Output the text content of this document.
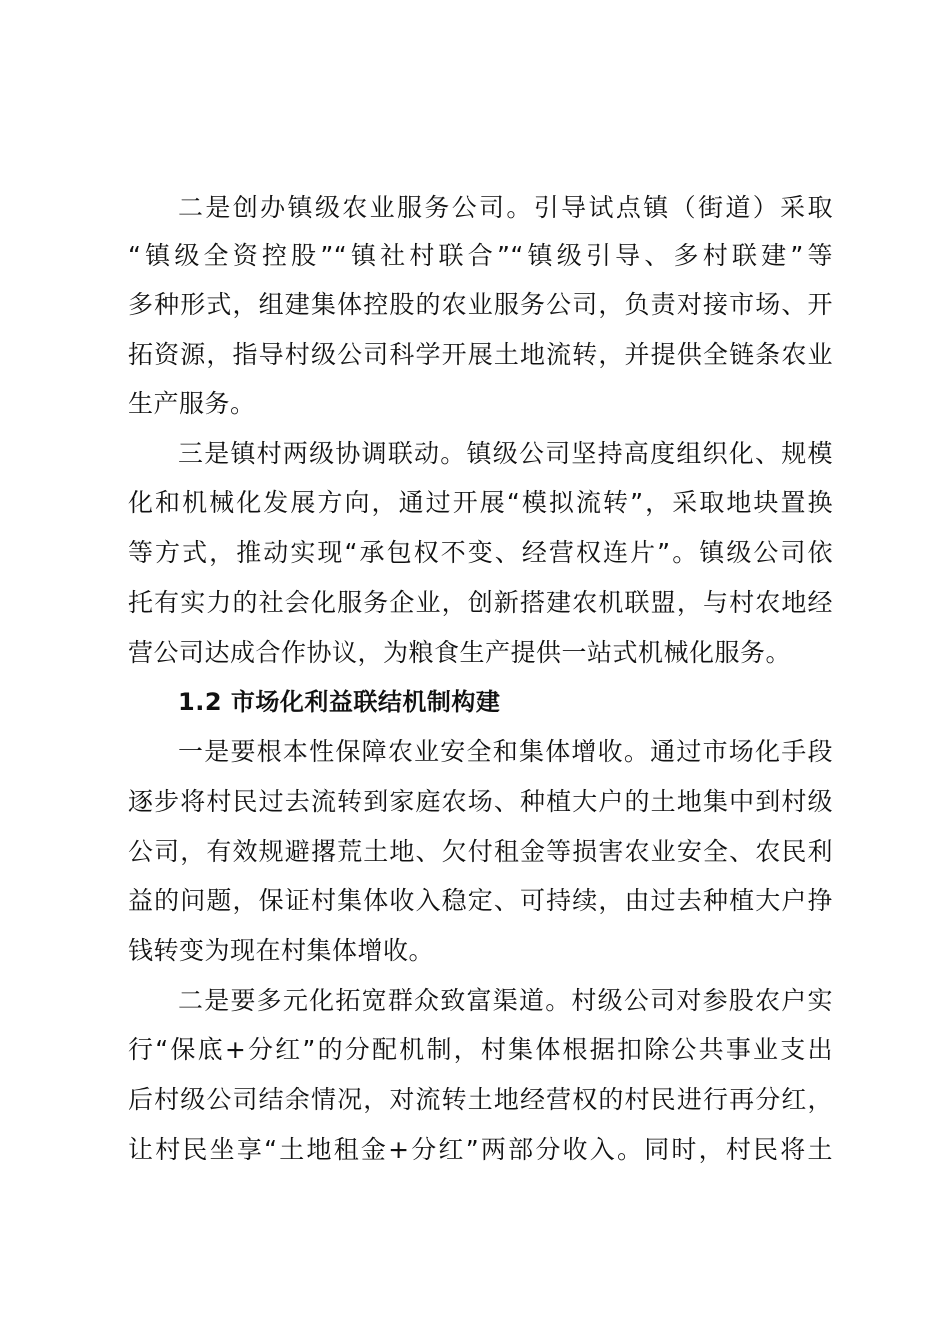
二是创办镇级农业服务公司。引导试点镇（街道）采取
“镇级全资控股”“镇社村联合”“镇级引导、多村联建”等
多种形式，组建集体控股的农业服务公司，负责对接市场、开
拓资源，指导村级公司科学开展土地流转，并提供全链条农业
生产服务。
三是镇村两级协调联动。镇级公司坚持高度组织化、规模
化和机械化发展方向，通过开展“模拟流转”，采取地块置换
等方式，推动实现“承包权不变、经营权连片”。镇级公司依
托有实力的社会化服务企业，创新搭建农机联盟，与村农地经
营公司达成合作协议，为粮食生产提供一站式机械化服务。
1.2 市场化利益联结机制构建
一是要根本性保障农业安全和集体增收。通过市场化手段
逐步将村民过去流转到家庭农场、种植大户的土地集中到村级
公司，有效规避撂荒土地、欠付租金等损害农业安全、农民利
益的问题，保证村集体收入稳定、可持续，由过去种植大户挣
钱转变为现在村集体增收。
二是要多元化拓宽群众致富渠道。村级公司对参股农户实
行“保底+分红”的分配机制，村集体根据扣除公共事业支出
后村级公司结余情况，对流转土地经营权的村民进行再分红，
让村民坐享“土地租金+分红”两部分收入。同时，村民将土
